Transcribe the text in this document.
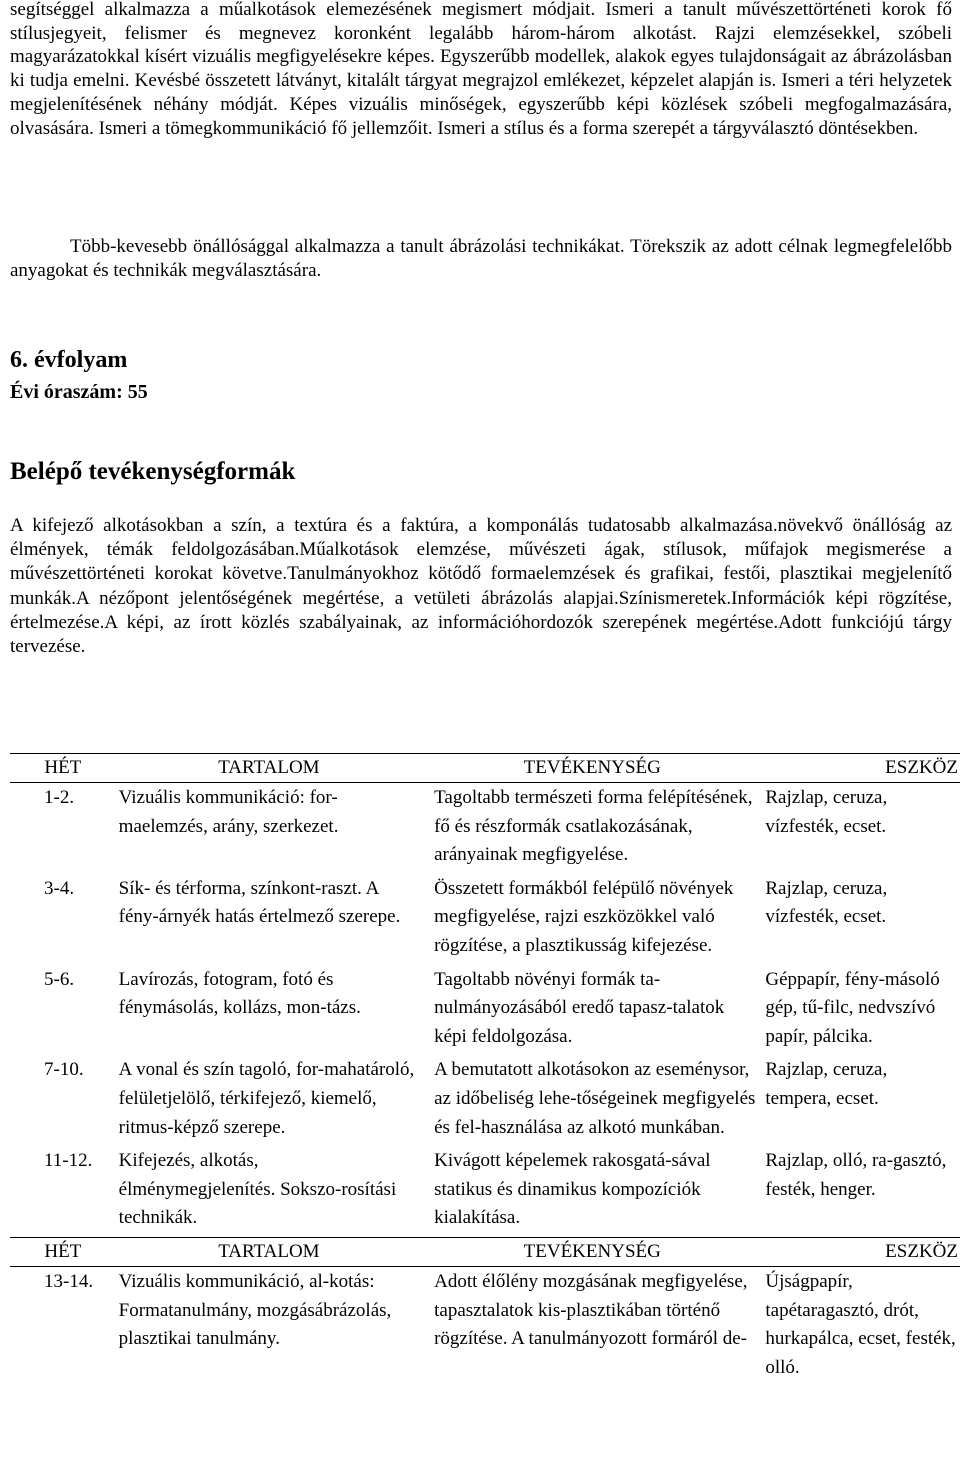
segítséggel alkalmazza a műalkotások elemezésének megismert módjait. Ismeri a tanult művészettörténeti korok fő stílusjegyeit, felismer és megnevez koronként legalább három-három alkotást. Rajzi elemzésekkel, szóbeli magyarázatokkal kísért vizuális megfigyelésekre képes. Egyszerűbb modellek, alakok egyes tulajdonságait az ábrázolásban ki tudja emelni. Kevésbé összetett látványt, kitalált tárgyat megrajzol emlékezet, képzelet alapján is. Ismeri a téri helyzetek megjelenítésének néhány módját. Képes vizuális minőségek, egyszerűbb képi közlések szóbeli megfogalmazására, olvasására. Ismeri a tömegkommunikáció fő jellemzőit. Ismeri a stílus és a forma szerepét a tárgyválasztó döntésekben.

Több-kevesebb önállósággal alkalmazza a tanult ábrázolási technikákat. Törekszik az adott célnak legmegfelelőbb anyagokat és technikák megválasztására.

6. évfolyam
Évi óraszám: 55
Belépő tevékenységformák

A kifejező alkotásokban a szín, a textúra és a faktúra, a komponálás tudatosabb alkalmazása.növekvő önállóság az élmények, témák feldolgozásában.Műalkotások elemzése, művészeti ágak, stílusok, műfajok megismerése a művészettörténeti korokat követve.Tanulmányokhoz kötődő formaelemzések és grafikai, festői, plasztikai megjelenítő munkák.A nézőpont jelentőségének megértése, a vetületi ábrázolás alapjai.Színismeretek.Információk képi rögzítése, értelmezése.A képi, az írott közlés szabályainak, az információhordozók szerepének megértése.Adott funkciójú tárgy tervezése.

HÉT	TARTALOM	TEVÉKENYSÉG	ESZKÖZ
1-2.	Vizuális kommunikáció: for-maelemzés, arány, szerkezet.	Tagoltabb természeti forma felépítésének, fő és részformák csatlakozásának, arányainak megfigyelése.	Rajzlap, ceruza, vízfesték, ecset.
3-4.	Sík- és térforma, színkont-raszt. A fény-árnyék hatás értelmező szerepe.	Összetett formákból felépülő növények megfigyelése, rajzi eszközökkel való rögzítése, a plasztikusság kifejezése.	Rajzlap, ceruza, vízfesték, ecset.
5-6.	Lavírozás, fotogram, fotó és fénymásolás, kollázs, mon-tázs.	Tagoltabb növényi formák ta-nulmányozásából eredő tapasz-talatok képi feldolgozása.	Géppapír, fény-másoló gép, tű-filc, nedvszívó papír, pálcika.
7-10.	A vonal és szín tagoló, for-mahatároló, felületjelölő, térkifejező, kiemelő, ritmus-képző szerepe.	A bemutatott alkotásokon az eseménysor, az időbeliség lehe-tőségeinek megfigyelés és fel-használása az alkotó munkában.	Rajzlap, ceruza, tempera, ecset.
11-12.	Kifejezés, alkotás, élménymegjelenítés. Sokszo-rosítási technikák.	Kivágott képelemek rakosgatá-sával statikus és dinamikus kompozíciók kialakítása.	Rajzlap, olló, ra-gasztó, festék, henger.
HÉT	TARTALOM	TEVÉKENYSÉG	ESZKÖZ
13-14.	Vizuális kommunikáció, al-kotás: Formatanulmány, mozgásábrázolás, plasztikai tanulmány.	Adott élőlény mozgásának megfigyelése, tapasztalatok kis-plasztikában történő rögzítése. A tanulmányozott formáról de-	Újságpapír, tapétaragasztó, drót, hurkapálca, ecset, festék, olló.
